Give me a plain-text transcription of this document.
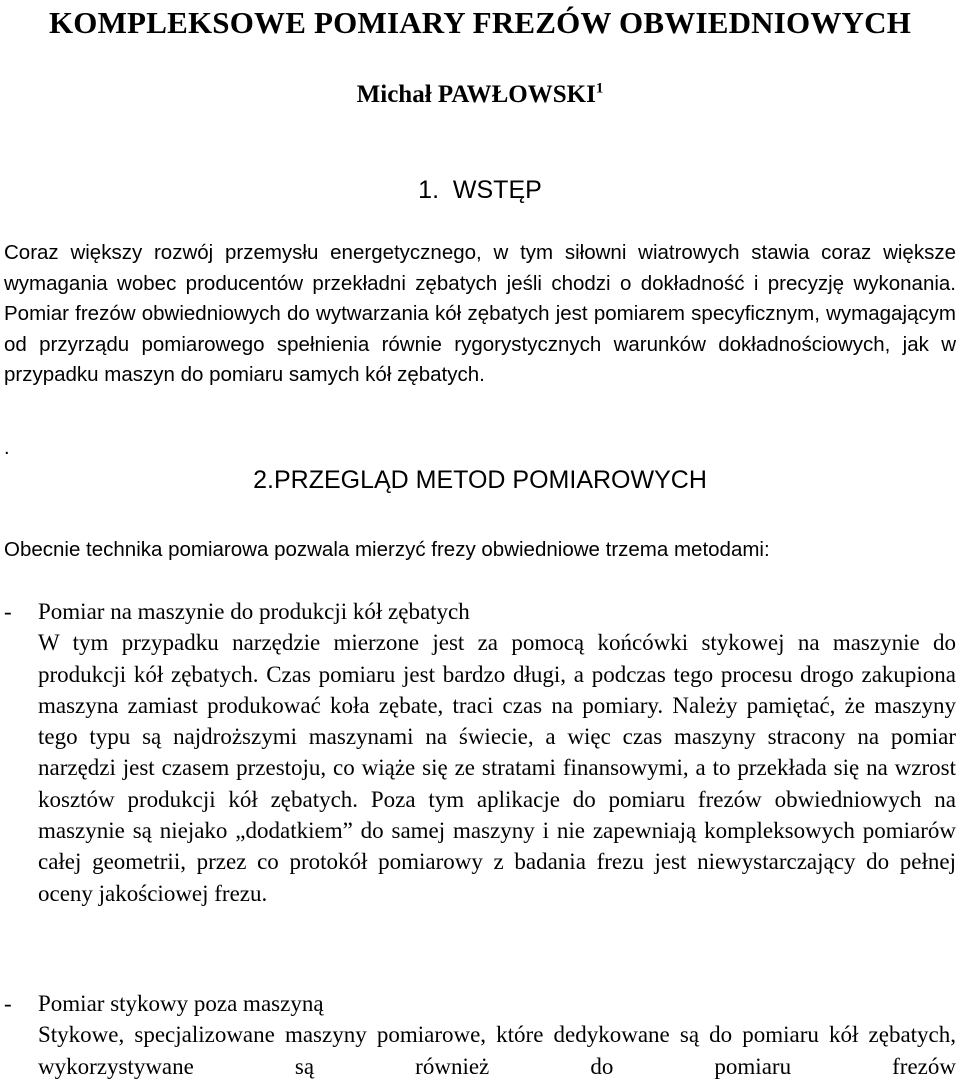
KOMPLEKSOWE POMIARY FREZÓW OBWIEDNIOWYCH
Michał PAWŁOWSKI$^1$
1.  WSTĘP
Coraz większy rozwój przemysłu energetycznego, w tym siłowni wiatrowych stawia coraz większe wymagania wobec producentów przekładni zębatych jeśli chodzi o dokładność i precyzję wykonania. Pomiar frezów obwiedniowych do wytwarzania kół zębatych jest pomiarem specyficznym, wymagającym od przyrządu pomiarowego spełnienia równie rygorystycznych warunków dokładnościowych, jak w przypadku maszyn do pomiaru samych kół zębatych.
.
2.PRZEGLĄD METOD POMIAROWYCH
Obecnie technika pomiarowa pozwala mierzyć frezy obwiedniowe trzema metodami:
- Pomiar na maszynie do produkcji kół zębatych
W tym przypadku narzędzie mierzone jest za pomocą końcówki stykowej na maszynie do produkcji kół zębatych. Czas pomiaru jest bardzo długi, a podczas tego procesu drogo zakupiona maszyna zamiast produkować koła zębate, traci czas na pomiary. Należy pamiętać, że maszyny tego typu są najdroższymi maszynami na świecie, a więc czas maszyny stracony na pomiar narzędzi jest czasem przestoju, co wiąże się ze stratami finansowymi, a to przekłada się na wzrost kosztów produkcji kół zębatych. Poza tym aplikacje do pomiaru frezów obwiedniowych na maszynie są niejako „dodatkiem” do samej maszyny i nie zapewniają kompleksowych pomiarów całej geometrii, przez co protokół pomiarowy z badania frezu jest niewystarczający do pełnej oceny jakościowej frezu.
- Pomiar stykowy poza maszyną
Stykowe, specjalizowane maszyny pomiarowe, które dedykowane są do pomiaru kół zębatych, wykorzystywane są również do pomiaru frezów
